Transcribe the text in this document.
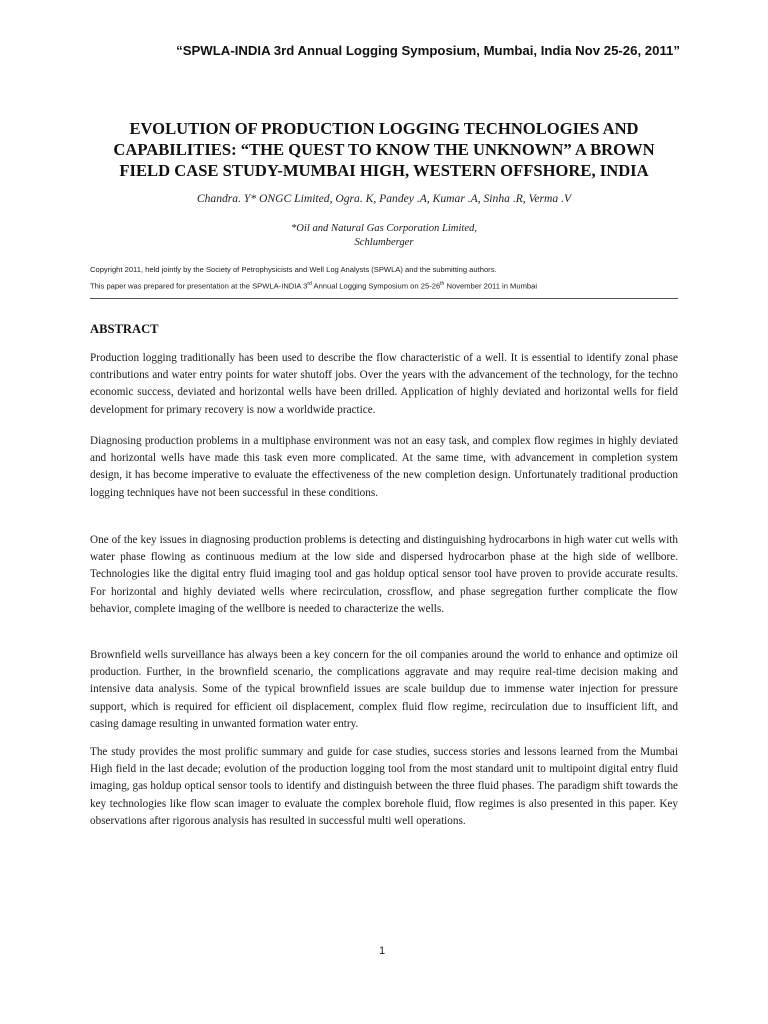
“SPWLA-INDIA 3rd Annual Logging Symposium, Mumbai, India Nov 25-26, 2011”
EVOLUTION OF PRODUCTION LOGGING TECHNOLOGIES AND CAPABILITIES: “THE QUEST TO KNOW THE UNKNOWN” A BROWN FIELD CASE STUDY-MUMBAI HIGH, WESTERN OFFSHORE, INDIA
Chandra. Y* ONGC Limited, Ogra. K, Pandey .A, Kumar .A, Sinha .R, Verma .V
*Oil and Natural Gas Corporation Limited,
Schlumberger
Copyright 2011, held jointly by the Society of Petrophysicists and Well Log Analysts (SPWLA) and the submitting authors.
This paper was prepared for presentation at the SPWLA-INDIA 3rd Annual Logging Symposium on 25-26th November 2011 in Mumbai
ABSTRACT

Production logging traditionally has been used to describe the flow characteristic of a well. It is essential to identify zonal phase contributions and water entry points for water shutoff jobs. Over the years with the advancement of the technology, for the techno economic success, deviated and horizontal wells have been drilled. Application of highly deviated and horizontal wells for field development for primary recovery is now a worldwide practice.

Diagnosing production problems in a multiphase environment was not an easy task, and complex flow regimes in highly deviated and horizontal wells have made this task even more complicated. At the same time, with advancement in completion system design, it has become imperative to evaluate the effectiveness of the new completion design. Unfortunately traditional production logging techniques have not been successful in these conditions.

One of the key issues in diagnosing production problems is detecting and distinguishing hydrocarbons in high water cut wells with water phase flowing as continuous medium at the low side and dispersed hydrocarbon phase at the high side of wellbore. Technologies like the digital entry fluid imaging tool and gas holdup optical sensor tool have proven to provide accurate results. For horizontal and highly deviated wells where recirculation, crossflow, and phase segregation further complicate the flow behavior, complete imaging of the wellbore is needed to characterize the wells.

Brownfield wells surveillance has always been a key concern for the oil companies around the world to enhance and optimize oil production. Further, in the brownfield scenario, the complications aggravate and may require real-time decision making and intensive data analysis. Some of the typical brownfield issues are scale buildup due to immense water injection for pressure support, which is required for efficient oil displacement, complex fluid flow regime, recirculation due to insufficient lift, and casing damage resulting in unwanted formation water entry.

The study provides the most prolific summary and guide for case studies, success stories and lessons learned from the Mumbai High field in the last decade; evolution of the production logging tool from the most standard unit to multipoint digital entry fluid imaging, gas holdup optical sensor tools to identify and distinguish between the three fluid phases. The paradigm shift towards the key technologies like flow scan imager to evaluate the complex borehole fluid, flow regimes is also presented in this paper. Key observations after rigorous analysis has resulted in successful multi well operations.

1
